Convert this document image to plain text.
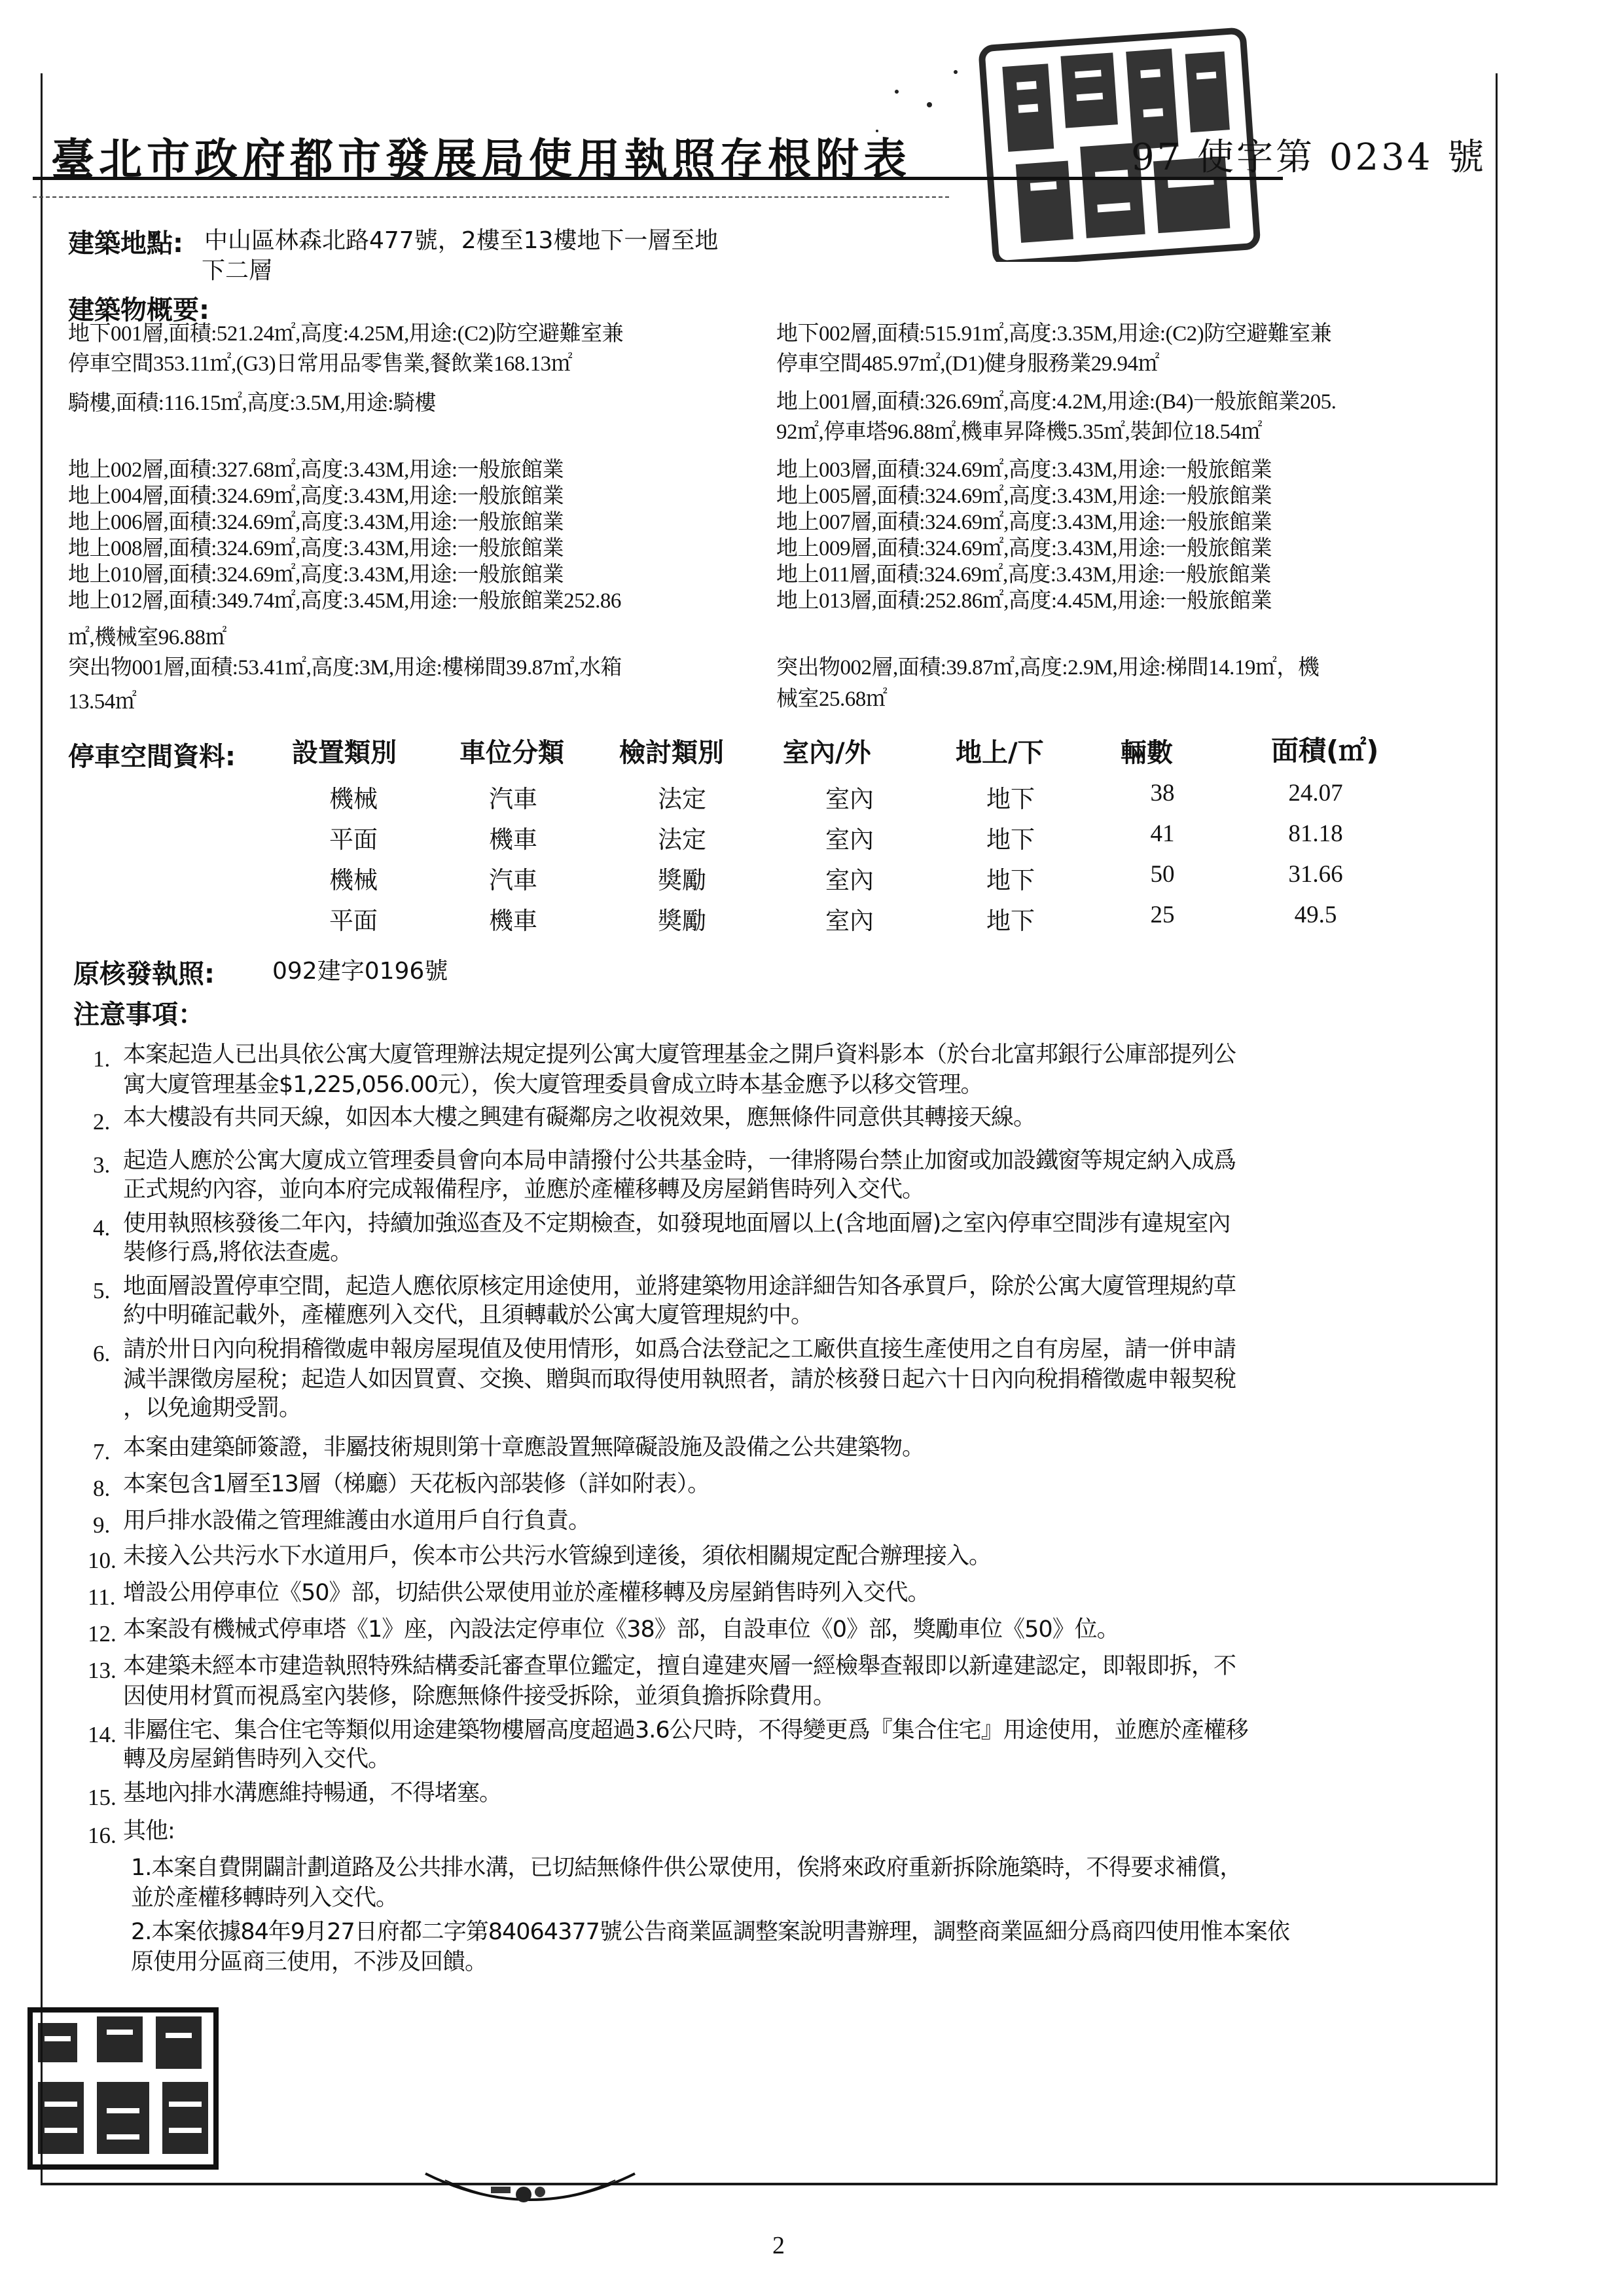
臺北市政府都市發展局使用執照存根附表	97 使字第 0234 號
建築地點: 中山區林森北路477號，2樓至13樓地下一層至地
下二層
建築物概要:
地下001層,面積:521.24㎡,高度:4.25M,用途:(C2)防空避難室兼
停車空間353.11㎡,(G3)日常用品零售業,餐飲業168.13㎡
騎樓,面積:116.15㎡,高度:3.5M,用途:騎樓
地上002層,面積:327.68㎡,高度:3.43M,用途:一般旅館業
地上004層,面積:324.69㎡,高度:3.43M,用途:一般旅館業
地上006層,面積:324.69㎡,高度:3.43M,用途:一般旅館業
地上008層,面積:324.69㎡,高度:3.43M,用途:一般旅館業
地上010層,面積:324.69㎡,高度:3.43M,用途:一般旅館業
地上012層,面積:349.74㎡,高度:3.45M,用途:一般旅館業252.86
㎡,機械室96.88㎡
突出物001層,面積:53.41㎡,高度:3M,用途:樓梯間39.87㎡,水箱
13.54㎡
地下002層,面積:515.91㎡,高度:3.35M,用途:(C2)防空避難室兼
停車空間485.97㎡,(D1)健身服務業29.94㎡
地上001層,面積:326.69㎡,高度:4.2M,用途:(B4)一般旅館業205.
92㎡,停車塔96.88㎡,機車昇降機5.35㎡,裝卸位18.54㎡
地上003層,面積:324.69㎡,高度:3.43M,用途:一般旅館業
地上005層,面積:324.69㎡,高度:3.43M,用途:一般旅館業
地上007層,面積:324.69㎡,高度:3.43M,用途:一般旅館業
地上009層,面積:324.69㎡,高度:3.43M,用途:一般旅館業
地上011層,面積:324.69㎡,高度:3.43M,用途:一般旅館業
地上013層,面積:252.86㎡,高度:4.45M,用途:一般旅館業
突出物002層,面積:39.87㎡,高度:2.9M,用途:梯間14.19㎡，機
械室25.68㎡
停車空間資料: 設置類別 車位分類 檢討類別 室內/外	地上/下	輛數	面積(㎡)
機械	汽車	法定	室內	地下	38	24.07
平面	機車	法定	室內	地下	41	81.18
機械	汽車	獎勵	室內	地下	50	31.66
平面	機車	獎勵	室內	地下	25	49.5
原核發執照: 092建字0196號
注意事項：
1. 本案起造人已出具依公寓大廈管理辦法規定提列公寓大廈管理基金之開戶資料影本（於台北富邦銀行公庫部提列公
寓大廈管理基金$1,225,056.00元），俟大廈管理委員會成立時本基金應予以移交管理。
2. 本大樓設有共同天線，如因本大樓之興建有礙鄰房之收視效果，應無條件同意供其轉接天線。
3. 起造人應於公寓大廈成立管理委員會向本局申請撥付公共基金時，一律將陽台禁止加窗或加設鐵窗等規定納入成爲
正式規約內容，並向本府完成報備程序，並應於產權移轉及房屋銷售時列入交代。
4. 使用執照核發後二年內，持續加強巡查及不定期檢查，如發現地面層以上(含地面層)之室內停車空間涉有違規室內
裝修行爲,將依法查處。
5. 地面層設置停車空間，起造人應依原核定用途使用，並將建築物用途詳細告知各承買戶，除於公寓大廈管理規約草
約中明確記載外，產權應列入交代，且須轉載於公寓大廈管理規約中。
6. 請於卅日內向稅捐稽徵處申報房屋現值及使用情形，如爲合法登記之工廠供直接生產使用之自有房屋，請一併申請
減半課徵房屋稅；起造人如因買賣、交換、贈與而取得使用執照者，請於核發日起六十日內向稅捐稽徵處申報契稅
，以免逾期受罰。
7. 本案由建築師簽證，非屬技術規則第十章應設置無障礙設施及設備之公共建築物。
8. 本案包含1層至13層（梯廳）天花板內部裝修（詳如附表）。
9. 用戶排水設備之管理維護由水道用戶自行負責。
10. 未接入公共污水下水道用戶，俟本市公共污水管線到達後，須依相關規定配合辦理接入。
11. 增設公用停車位《50》部，切結供公眾使用並於產權移轉及房屋銷售時列入交代。
12. 本案設有機械式停車塔《1》座，內設法定停車位《38》部，自設車位《0》部，獎勵車位《50》位。
13. 本建築未經本市建造執照特殊結構委託審查單位鑑定，擅自違建夾層一經檢舉查報即以新違建認定，即報即拆，不
因使用材質而視爲室內裝修，除應無條件接受拆除，並須負擔拆除費用。
14. 非屬住宅、集合住宅等類似用途建築物樓層高度超過3.6公尺時，不得變更爲『集合住宅』用途使用，並應於產權移
轉及房屋銷售時列入交代。
15. 基地內排水溝應維持暢通，不得堵塞。
16. 其他:
1.本案自費開闢計劃道路及公共排水溝，已切結無條件供公眾使用，俟將來政府重新拆除施築時，不得要求補償，
並於產權移轉時列入交代。
2.本案依據84年9月27日府都二字第84064377號公告商業區調整案說明書辦理，調整商業區細分爲商四使用惟本案依
原使用分區商三使用，不涉及回饋。
2
